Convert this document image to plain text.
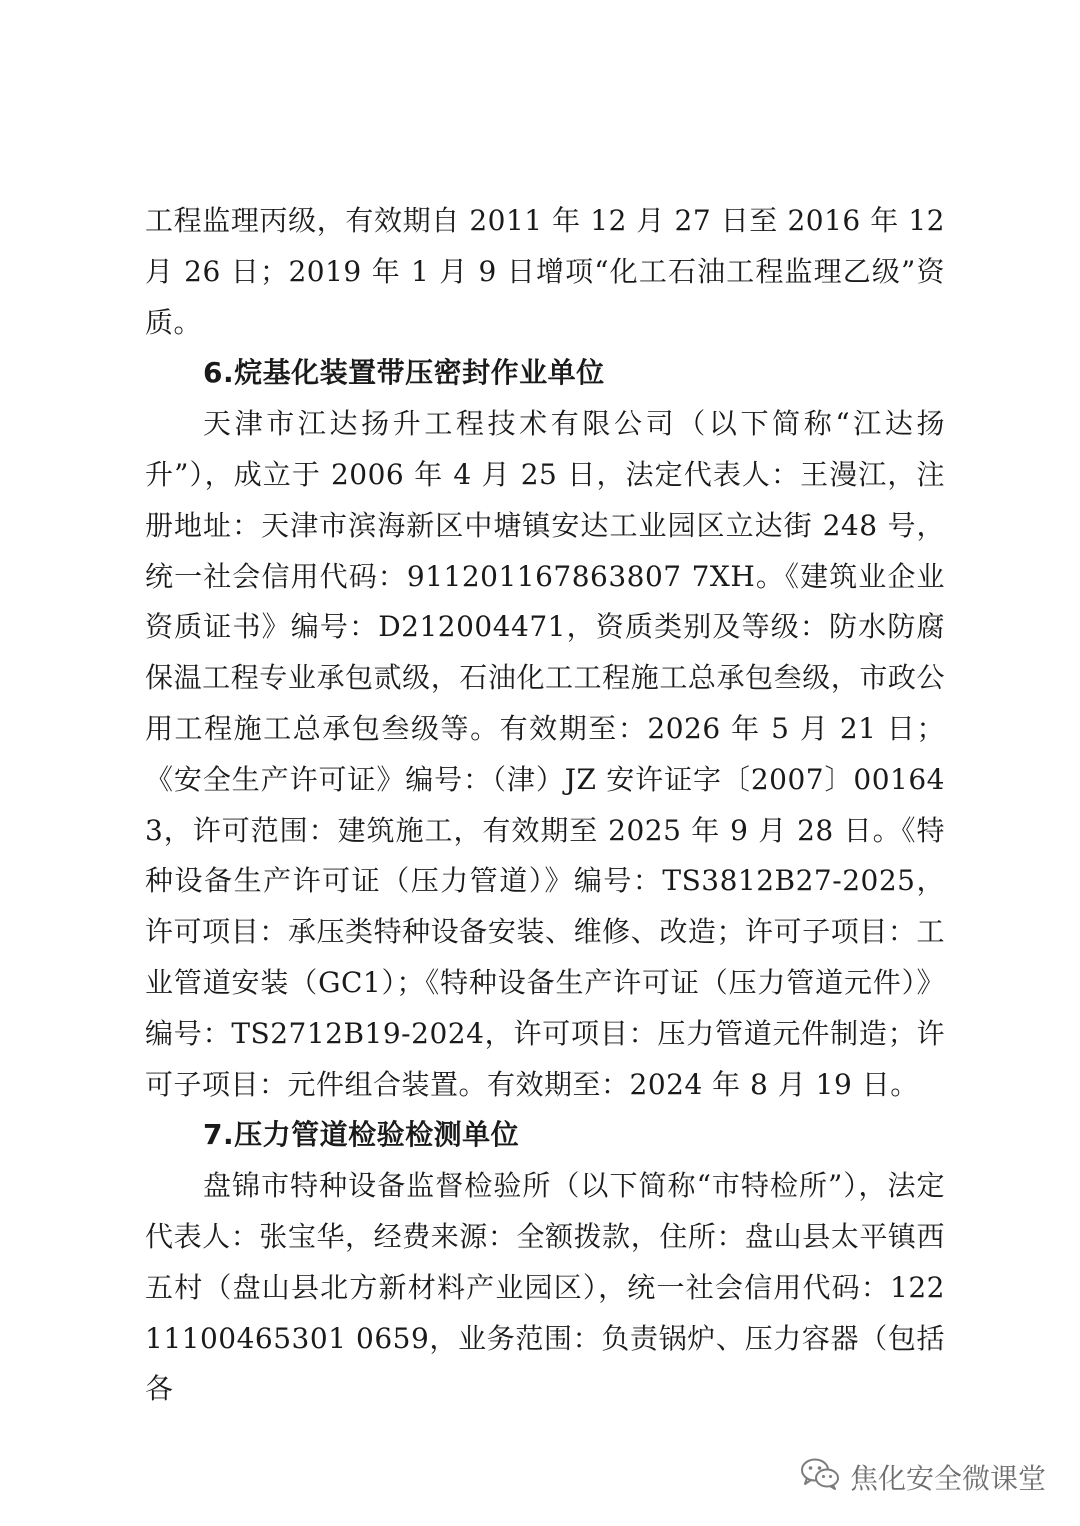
工程监理丙级，有效期自 2011 年 12 月 27 日至 2016 年 12 月 26 日；2019 年 1 月 9 日增项“化工石油工程监理乙级”资质。

6.烷基化装置带压密封作业单位

天津市江达扬升工程技术有限公司（以下简称“江达扬升”），成立于 2006 年 4 月 25 日，法定代表人：王漫江，注册地址：天津市滨海新区中塘镇安达工业园区立达街 248 号，统一社会信用代码：911201167863807 7XH。《建筑业企业资质证书》编号：D212004471，资质类别及等级：防水防腐保温工程专业承包贰级，石油化工工程施工总承包叁级，市政公用工程施工总承包叁级等。有效期至：2026 年 5 月 21 日；《安全生产许可证》编号：（津）JZ 安许证字〔2007〕001643，许可范围：建筑施工，有效期至 2025 年 9 月 28 日。《特种设备生产许可证（压力管道）》编号：TS3812B27-2025，许可项目：承压类特种设备安装、维修、改造；许可子项目：工业管道安装（GC1）；《特种设备生产许可证（压力管道元件）》编号：TS2712B19-2024，许可项目：压力管道元件制造；许可子项目：元件组合装置。有效期至：2024 年 8 月 19 日。

7.压力管道检验检测单位

盘锦市特种设备监督检验所（以下简称“市特检所”），法定代表人：张宝华，经费来源：全额拨款，住所：盘山县太平镇西五村（盘山县北方新材料产业园区），统一社会信用代码：12211100465301 0659，业务范围：负责锅炉、压力容器（包括各

焦化安全微课堂
